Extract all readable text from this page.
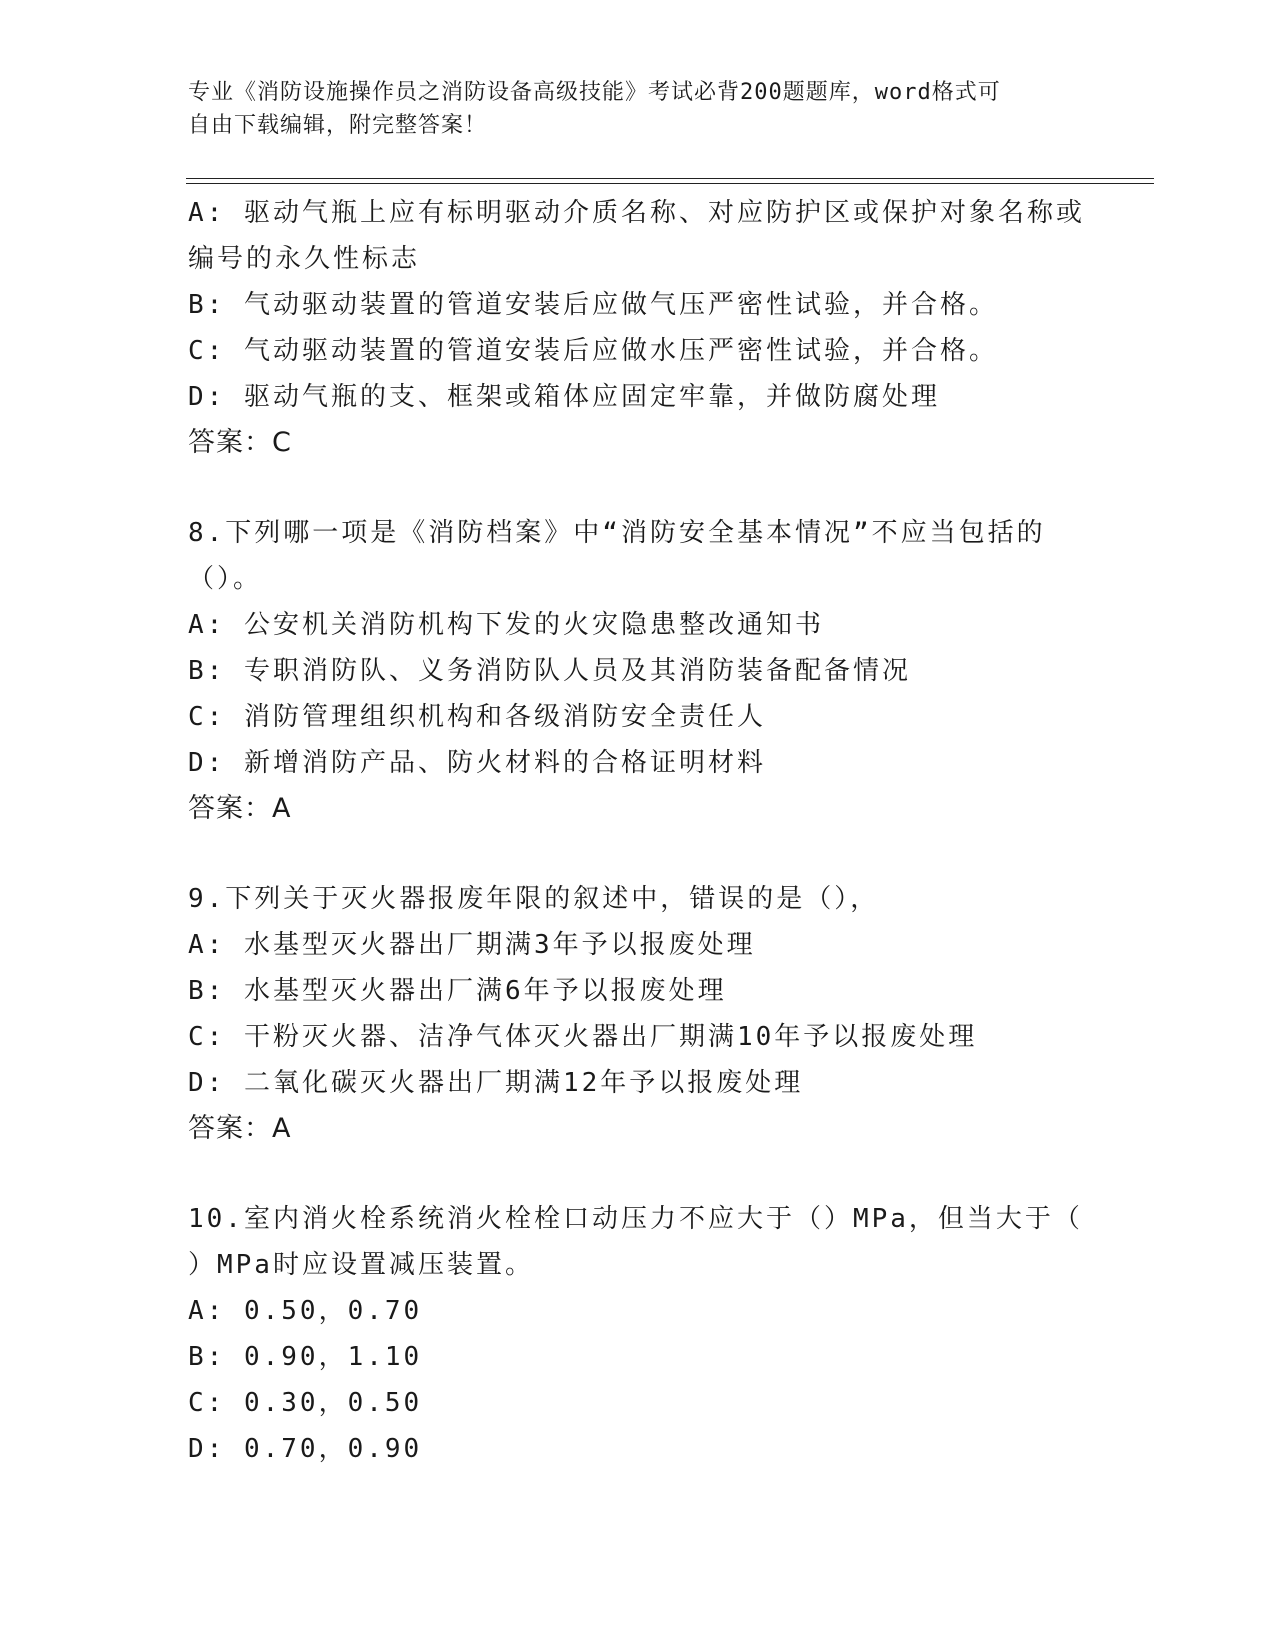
专业《消防设施操作员之消防设备高级技能》考试必背200题题库，word格式可
自由下载编辑，附完整答案！
A: 驱动气瓶上应有标明驱动介质名称、对应防护区或保护对象名称或
编号的永久性标志
B: 气动驱动装置的管道安装后应做气压严密性试验，并合格。
C: 气动驱动装置的管道安装后应做水压严密性试验，并合格。
D: 驱动气瓶的支、框架或箱体应固定牢靠，并做防腐处理
答案：C
8.下列哪一项是《消防档案》中“消防安全基本情况”不应当包括的
（）。
A: 公安机关消防机构下发的火灾隐患整改通知书
B: 专职消防队、义务消防队人员及其消防装备配备情况
C: 消防管理组织机构和各级消防安全责任人
D: 新增消防产品、防火材料的合格证明材料
答案：A
9.下列关于灭火器报废年限的叙述中，错误的是（），
A: 水基型灭火器出厂期满3年予以报废处理
B: 水基型灭火器出厂满6年予以报废处理
C: 干粉灭火器、洁净气体灭火器出厂期满10年予以报废处理
D: 二氧化碳灭火器出厂期满12年予以报废处理
答案：A
10.室内消火栓系统消火栓栓口动压力不应大于（）MPa，但当大于（
）MPa时应设置减压装置。
A: 0.50，0.70
B: 0.90，1.10
C: 0.30，0.50
D: 0.70，0.90
